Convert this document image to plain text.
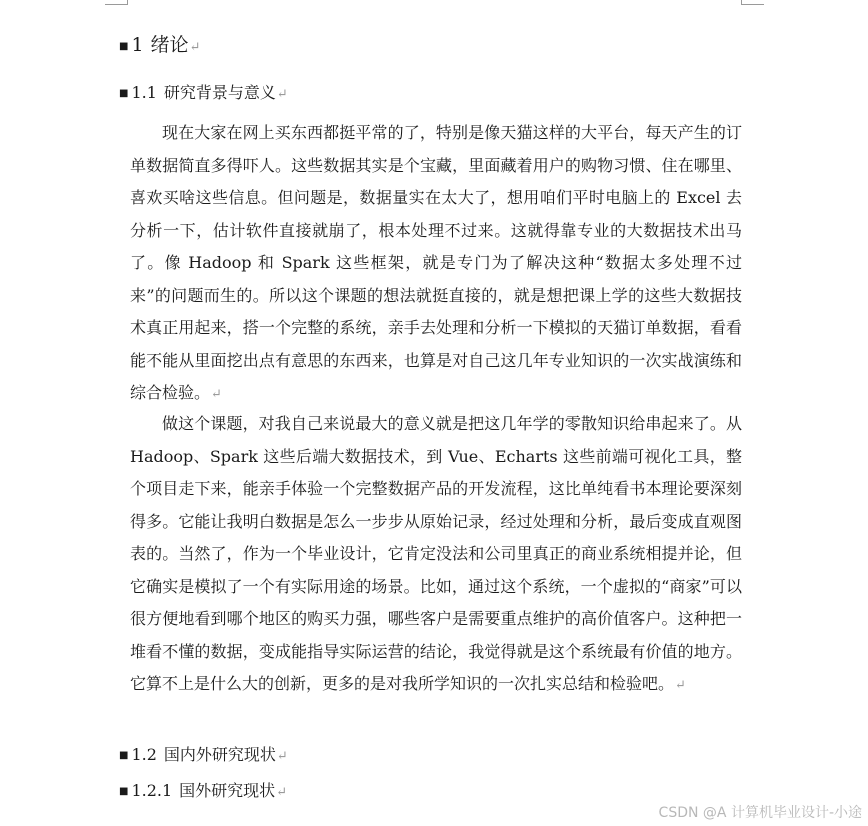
■ 1 绪论 ↵
■ 1.1 研究背景与意义 ↵

现在大家在网上买东西都挺平常的了，特别是像天猫这样的大平台，每天产生的订单数据简直多得吓人。这些数据其实是个宝藏，里面藏着用户的购物习惯、住在哪里、喜欢买啥这些信息。但问题是，数据量实在太大了，想用咱们平时电脑上的 Excel 去分析一下，估计软件直接就崩了，根本处理不过来。这就得靠专业的大数据技术出马了。像 Hadoop 和 Spark 这些框架，就是专门为了解决这种“数据太多处理不过来”的问题而生的。所以这个课题的想法就挺直接的，就是想把课上学的这些大数据技术真正用起来，搭一个完整的系统，亲手去处理和分析一下模拟的天猫订单数据，看看能不能从里面挖出点有意思的东西来，也算是对自己这几年专业知识的一次实战演练和综合检验。↵

做这个课题，对我自己来说最大的意义就是把这几年学的零散知识给串起来了。从 Hadoop、Spark 这些后端大数据技术，到 Vue、Echarts 这些前端可视化工具，整个项目走下来，能亲手体验一个完整数据产品的开发流程，这比单纯看书本理论要深刻得多。它能让我明白数据是怎么一步步从原始记录，经过处理和分析，最后变成直观图表的。当然了，作为一个毕业设计，它肯定没法和公司里真正的商业系统相提并论，但它确实是模拟了一个有实际用途的场景。比如，通过这个系统，一个虚拟的“商家”可以很方便地看到哪个地区的购买力强，哪些客户是需要重点维护的高价值客户。这种把一堆看不懂的数据，变成能指导实际运营的结论，我觉得就是这个系统最有价值的地方。它算不上是什么大的创新，更多的是对我所学知识的一次扎实总结和检验吧。↵

■ 1.2 国内外研究现状 ↵
■ 1.2.1 国外研究现状 ↵
CSDN @A 计算机毕业设计-小途
